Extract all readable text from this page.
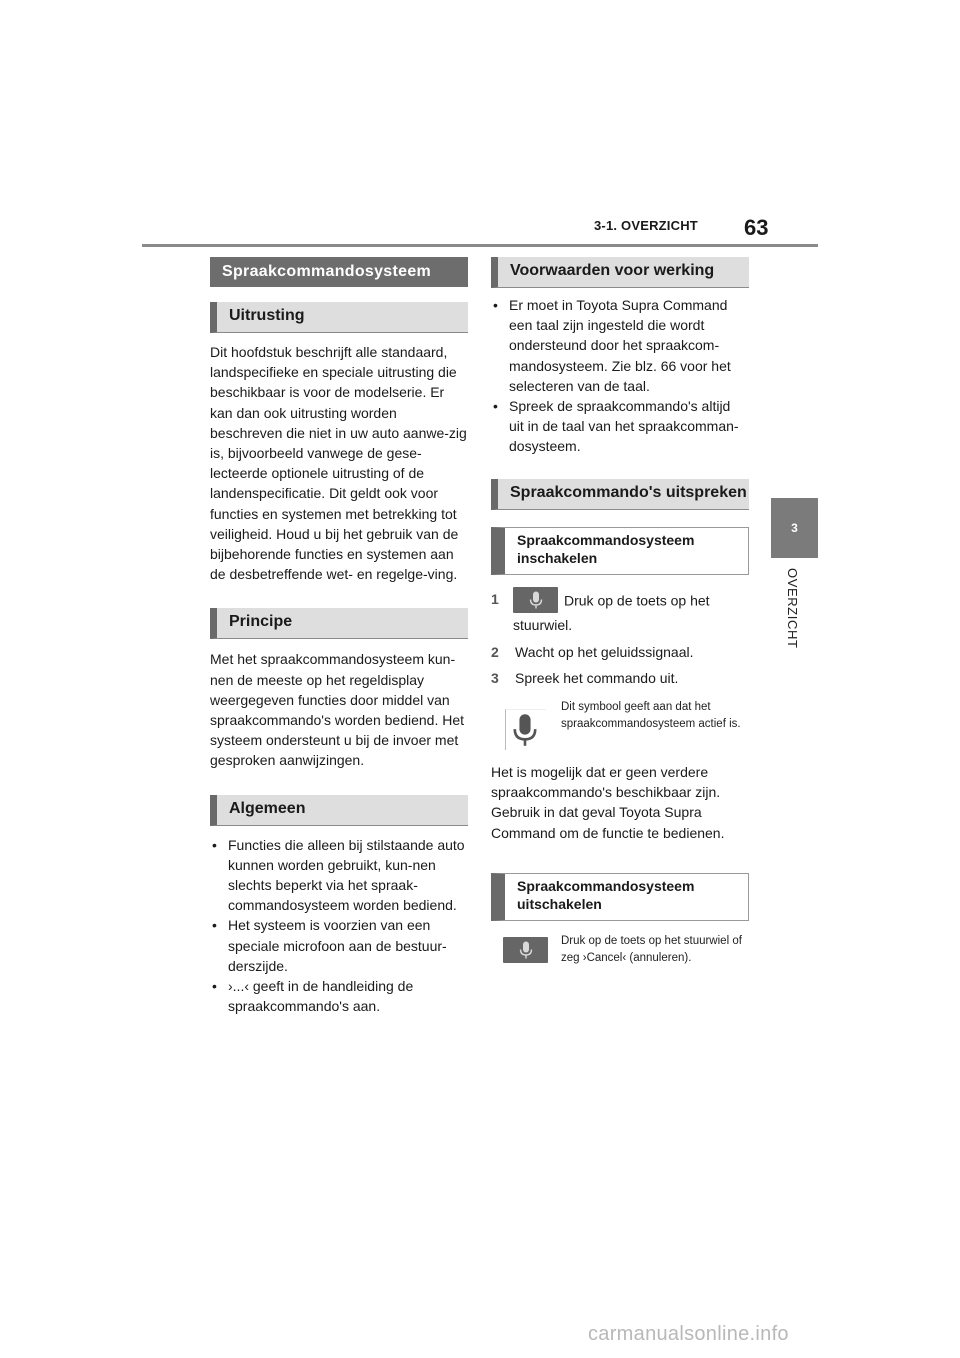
3-1. OVERZICHT 63
3
OVERZICHT
Spraakcommandosysteem
Uitrusting

Dit hoofdstuk beschrijft alle standaard, landspecifieke en speciale uitrusting die beschikbaar is voor de modelserie. Er kan dan ook uitrusting worden beschreven die niet in uw auto aanwe-zig is, bijvoorbeeld vanwege de gese-lecteerde optionele uitrusting of de landenspecificatie. Dit geldt ook voor functies en systemen met betrekking tot veiligheid. Houd u bij het gebruik van de bijbehorende functies en systemen aan de desbetreffende wet- en regelge-ving.

Principe

Met het spraakcommandosysteem kun-nen de meeste op het regeldisplay weergegeven functies door middel van spraakcommando's worden bediend. Het systeem ondersteunt u bij de invoer met gesproken aanwijzingen.

Algemeen
• Functies die alleen bij stilstaande auto kunnen worden gebruikt, kun-nen slechts beperkt via het spraak-commandosysteem worden bediend.
• Het systeem is voorzien van een speciale microfoon aan de bestuur-derszijde.
• ›...‹ geeft in de handleiding de spraakcommando's aan.
Voorwaarden voor werking
• Er moet in Toyota Supra Command een taal zijn ingesteld die wordt ondersteund door het spraakcom-mandosysteem. Zie blz. 66 voor het selecteren van de taal.
• Spreek de spraakcommando's altijd uit in de taal van het spraakcomman-dosysteem.
Spraakcommando's uitspreken
Spraakcommandosysteem inschakelen
1	Druk op de toets op het
stuurwiel.
2 Wacht op het geluidssignaal.
3 Spreek het commando uit.
Dit symbool geeft aan dat het spraakcommandosysteem actief is.

Het is mogelijk dat er geen verdere spraakcommando's beschikbaar zijn. Gebruik in dat geval Toyota Supra Command om de functie te bedienen.

Spraakcommandosysteem uitschakelen
Druk op de toets op het stuurwiel of zeg ›Cancel‹ (annuleren).
carmanualsonline.info
